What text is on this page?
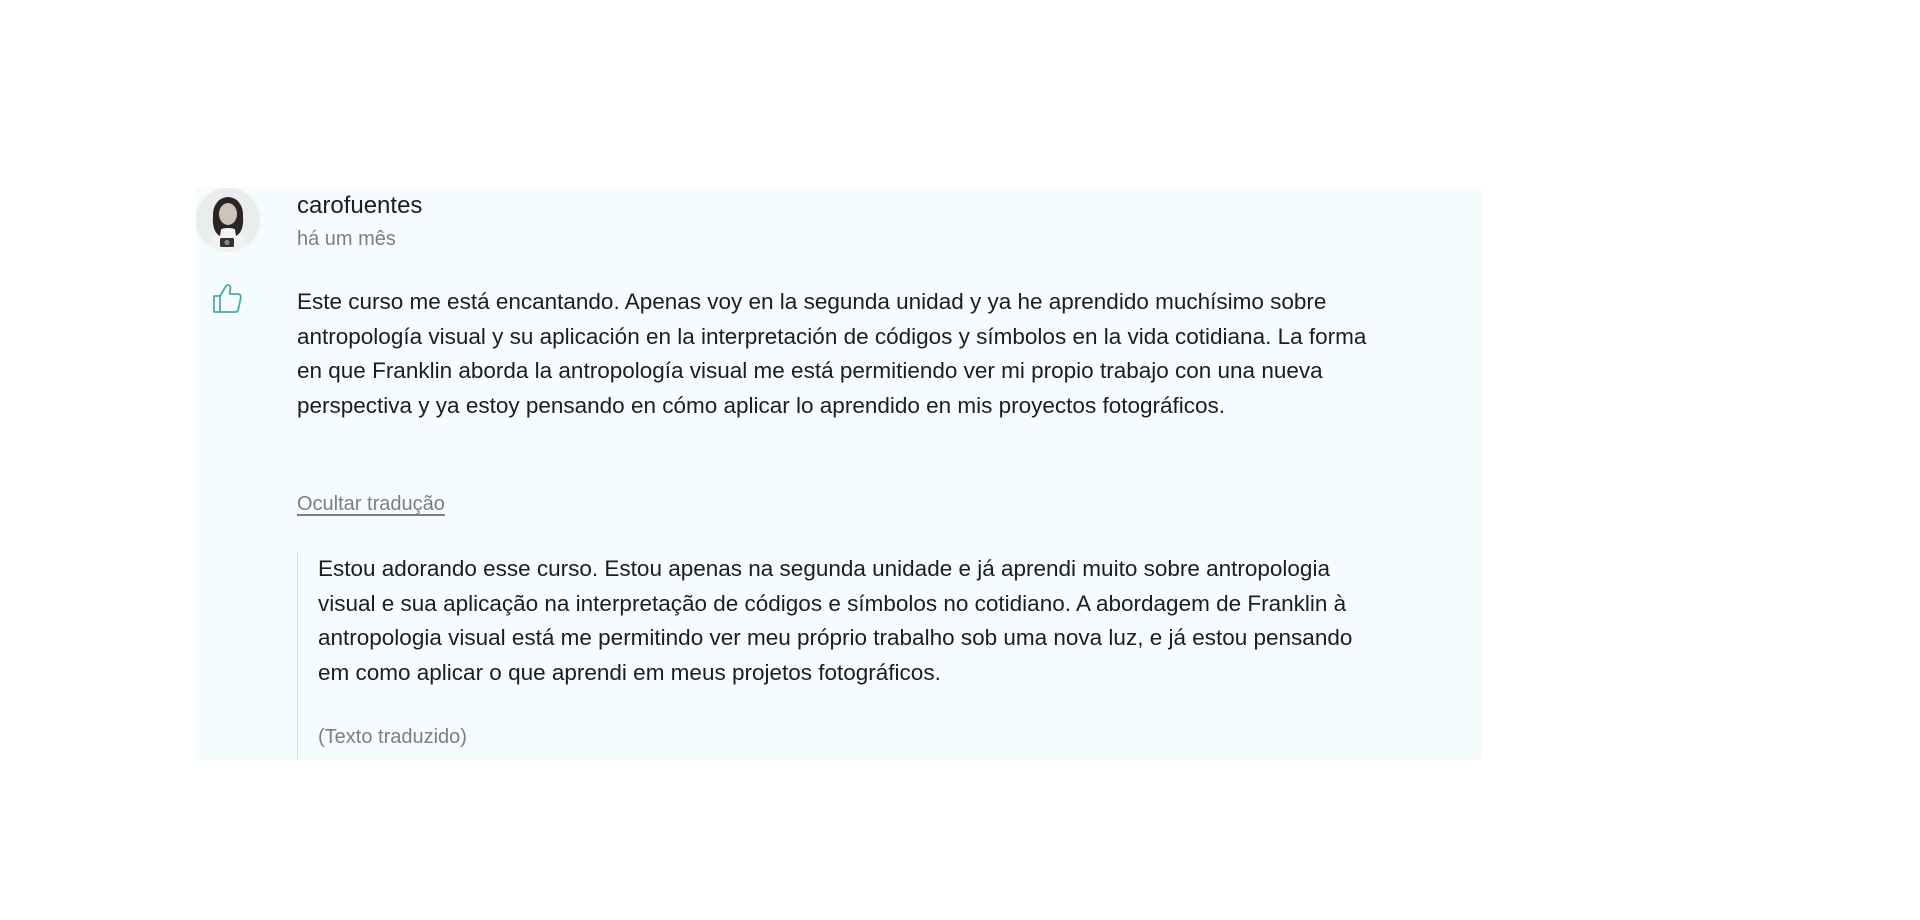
carofuentes
há um mês
Este curso me está encantando. Apenas voy en la segunda unidad y ya he aprendido muchísimo sobre antropología visual y su aplicación en la interpretación de códigos y símbolos en la vida cotidiana. La forma en que Franklin aborda la antropología visual me está permitiendo ver mi propio trabajo con una nueva perspectiva y ya estoy pensando en cómo aplicar lo aprendido en mis proyectos fotográficos.
Ocultar tradução
Estou adorando esse curso. Estou apenas na segunda unidade e já aprendi muito sobre antropologia visual e sua aplicação na interpretação de códigos e símbolos no cotidiano. A abordagem de Franklin à antropologia visual está me permitindo ver meu próprio trabalho sob uma nova luz, e já estou pensando em como aplicar o que aprendi em meus projetos fotográficos.
(Texto traduzido)
